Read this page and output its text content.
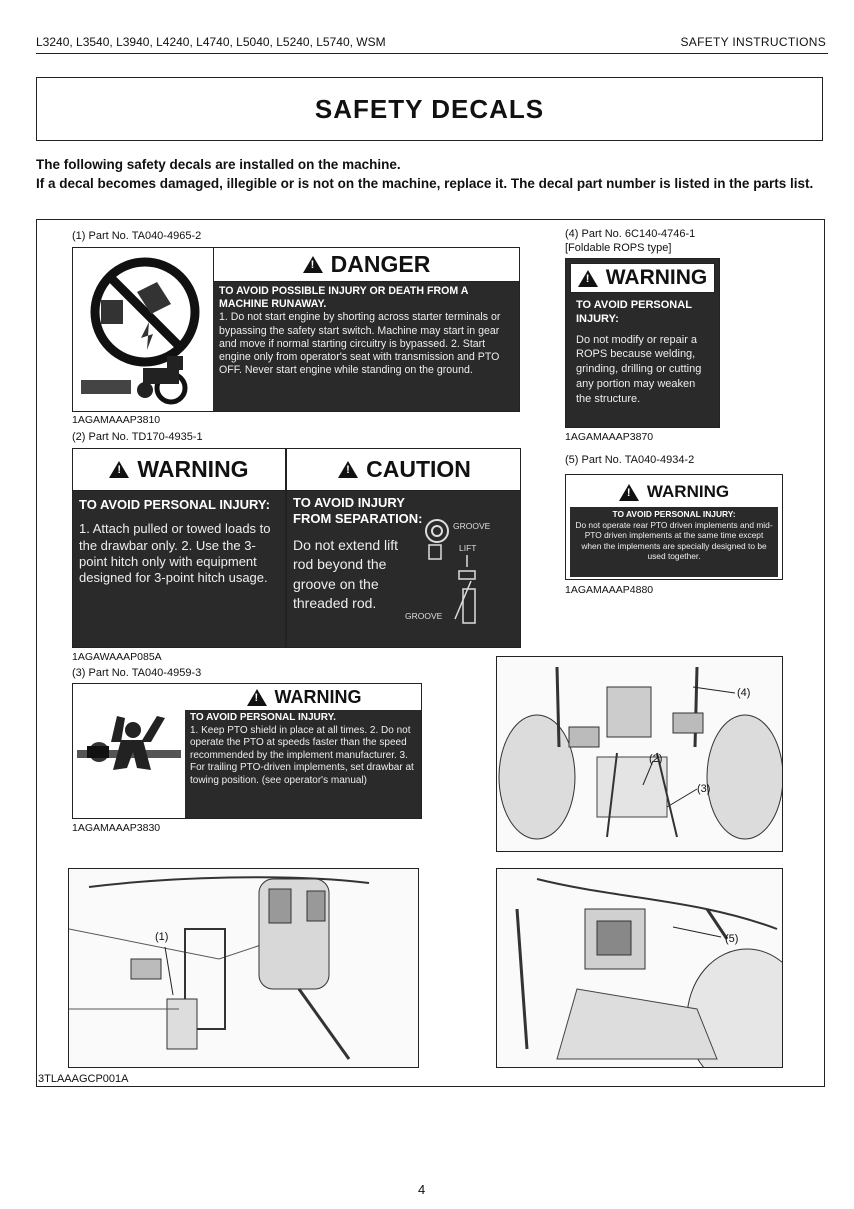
L3240, L3540, L3940, L4240, L4740, L5040, L5240, L5740, WSM	SAFETY INSTRUCTIONS
SAFETY DECALS
The following safety decals are installed on the machine.
If a decal becomes damaged, illegible or is not on the machine, replace it. The decal part number is listed in the parts list.
(1) Part No. TA040-4965-2
!
DANGER

TO AVOID POSSIBLE INJURY OR DEATH FROM A MACHINE RUNAWAY.

1. Do not start engine by shorting across starter terminals or bypassing the safety start switch. Machine may start in gear and move if normal starting circuitry is bypassed. 2. Start engine only from operator's seat with transmission and PTO OFF. Never start engine while standing on the ground.

1AGAMAAAP3810
(2) Part No. TD170-4935-1
!
WARNING

TO AVOID PERSONAL INJURY:

1. Attach pulled or towed loads to the drawbar only. 2. Use the 3-point hitch only with equipment designed for 3-point hitch usage.

!
CAUTION

TO AVOID INJURY FROM SEPARATION:

Do not extend lift rod beyond the groove on the threaded rod.

GROOVE
LIFT
GROOVE
1AGAWAAAP085A
(3) Part No. TA040-4959-3
!
WARNING

TO AVOID PERSONAL INJURY.

1. Keep PTO shield in place at all times. 2. Do not operate the PTO at speeds faster than the speed recommended by the implement manufacturer. 3. For trailing PTO-driven implements, set drawbar at towing position. (see operator's manual)

1AGAMAAAP3830
(4) Part No. 6C140-4746-1
[Foldable ROPS type]
!
WARNING

TO AVOID PERSONAL INJURY:

Do not modify or repair a ROPS because welding, grinding, drilling or cutting any portion may weaken the structure.

1AGAMAAAP3870
(5) Part No. TA040-4934-2
!
WARNING

TO AVOID PERSONAL INJURY:

Do not operate rear PTO driven implements and mid-PTO driven implements at the same time except when the implements are specially designed to be used together.

1AGAMAAAP4880
(4)
(2)
(3)
(1)	(5)
3TLAAAGCP001A
4
